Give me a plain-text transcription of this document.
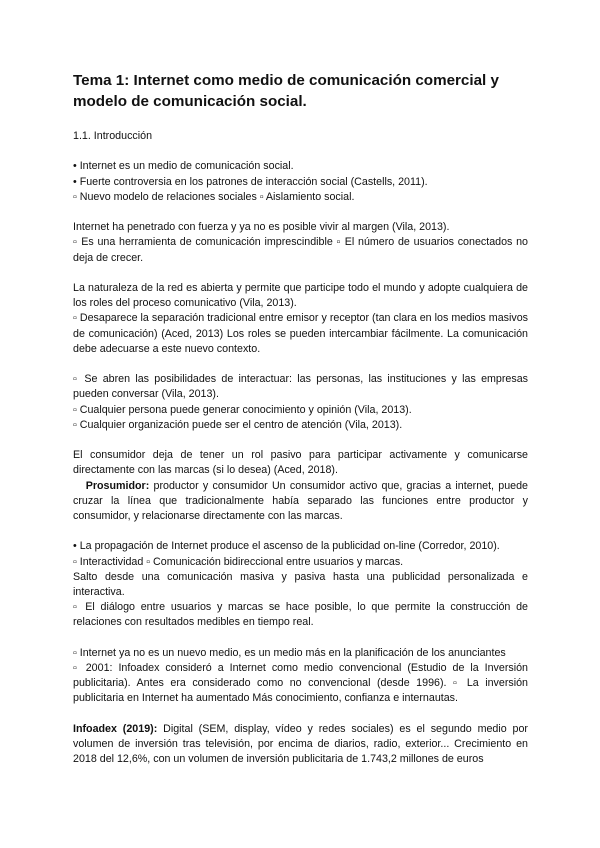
Tema 1: Internet como medio de comunicación comercial y modelo de comunicación social.

1.1. Introducción

• Internet es un medio de comunicación social.

• Fuerte controversia en los patrones de interacción social (Castells, 2011).

▫ Nuevo modelo de relaciones sociales ▫ Aislamiento social.

Internet ha penetrado con fuerza y ya no es posible vivir al margen (Vila, 2013).

▫ Es una herramienta de comunicación imprescindible ▫ El número de usuarios conectados no deja de crecer.

La naturaleza de la red es abierta y permite que participe todo el mundo y adopte cualquiera de los roles del proceso comunicativo (Vila, 2013).

▫ Desaparece la separación tradicional entre emisor y receptor (tan clara en los medios masivos de comunicación) (Aced, 2013) Los roles se pueden intercambiar fácilmente. La comunicación debe adecuarse a este nuevo contexto.

▫ Se abren las posibilidades de interactuar: las personas, las instituciones y las empresas pueden conversar (Vila, 2013).

▫ Cualquier persona puede generar conocimiento y opinión (Vila, 2013).

▫ Cualquier organización puede ser el centro de atención (Vila, 2013).

El consumidor deja de tener un rol pasivo para participar activamente y comunicarse directamente con las marcas (si lo desea) (Aced, 2018).

Prosumidor: productor y consumidor Un consumidor activo que, gracias a internet, puede cruzar la línea que tradicionalmente había separado las funciones entre productor y consumidor, y relacionarse directamente con las marcas.

• La propagación de Internet produce el ascenso de la publicidad on-line (Corredor, 2010).

▫ Interactividad ▫ Comunicación bidireccional entre usuarios y marcas.

Salto desde una comunicación masiva y pasiva hasta una publicidad personalizada e interactiva.

▫ El diálogo entre usuarios y marcas se hace posible, lo que permite la construcción de relaciones con resultados medibles en tiempo real.

▫ Internet ya no es un nuevo medio, es un medio más en la planificación de los anunciantes

▫ 2001: Infoadex consideró a Internet como medio convencional (Estudio de la Inversión publicitaria). Antes era considerado como no convencional (desde 1996). ▫ La inversión publicitaria en Internet ha aumentado Más conocimiento, confianza e internautas.

Infoadex (2019): Digital (SEM, display, vídeo y redes sociales) es el segundo medio por volumen de inversión tras televisión, por encima de diarios, radio, exterior... Crecimiento en 2018 del 12,6%, con un volumen de inversión publicitaria de 1.743,2 millones de euros
